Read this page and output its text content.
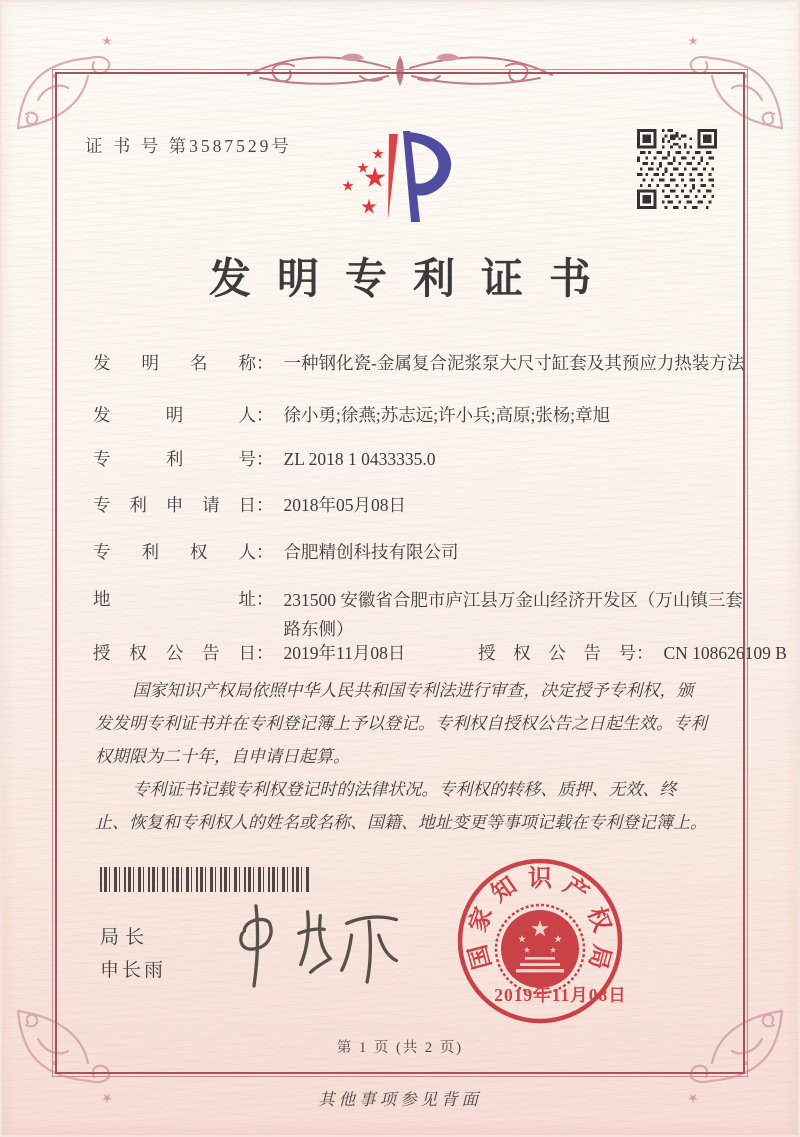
证 书 号 第3587529号
发明专利证书
发明名称 ： 一种钢化瓷-金属复合泥浆泵大尺寸缸套及其预应力热装方法
发明人 ： 徐小勇;徐燕;苏志远;许小兵;高原;张杨;章旭
专利号 ： ZL 2018 1 0433335.0
专利申请日 ： 2018年05月08日
专利权人 ： 合肥精创科技有限公司
地址 ： 231500 安徽省合肥市庐江县万金山经济开发区（万山镇三套路东侧）
授权公告日 ： 2019年11月08日	授权公告号 ： CN 108626109 B

国家知识产权局依照中华人民共和国专利法进行审查，决定授予专利权，颁发发明专利证书并在专利登记簿上予以登记。专利权自授权公告之日起生效。专利权期限为二十年，自申请日起算。

专利证书记载专利权登记时的法律状况。专利权的转移、质押、无效、终止、恢复和专利权人的姓名或名称、国籍、地址变更等事项记载在专利登记簿上。

局长
申长雨	国
家
知 识 产
权
局
2019年11月08日
第 1 页 (共 2 页)
其他事项参见背面
